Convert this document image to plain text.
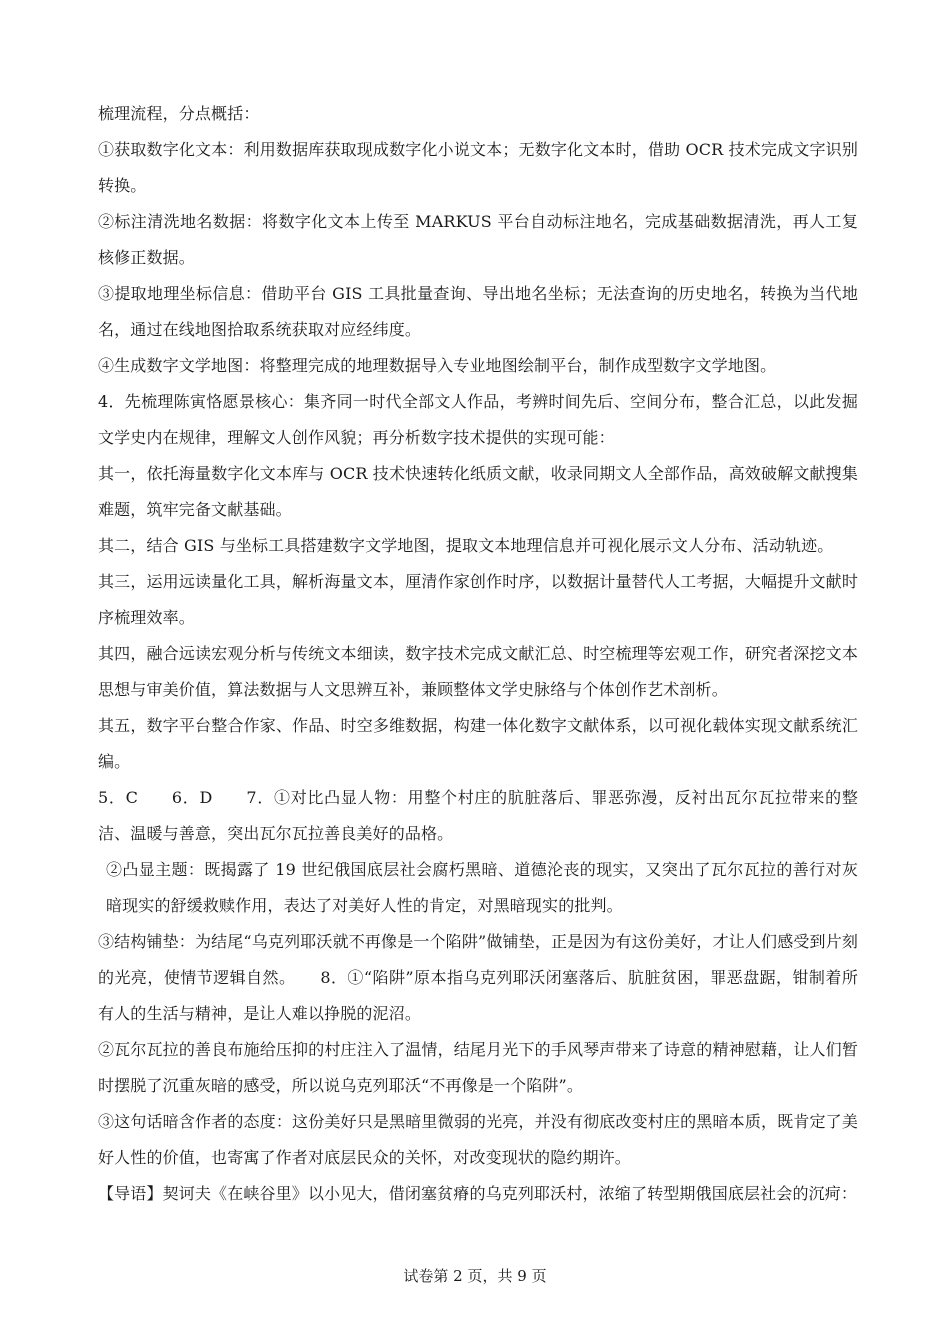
梳理流程，分点概括：

①获取数字化文本：利用数据库获取现成数字化小说文本；无数字化文本时，借助 OCR 技术完成文字识别转换。

②标注清洗地名数据：将数字化文本上传至 MARKUS 平台自动标注地名，完成基础数据清洗，再人工复核修正数据。

③提取地理坐标信息：借助平台 GIS 工具批量查询、导出地名坐标；无法查询的历史地名，转换为当代地名，通过在线地图拾取系统获取对应经纬度。

④生成数字文学地图：将整理完成的地理数据导入专业地图绘制平台，制作成型数字文学地图。

4．先梳理陈寅恪愿景核心：集齐同一时代全部文人作品，考辨时间先后、空间分布，整合汇总，以此发掘文学史内在规律，理解文人创作风貌；再分析数字技术提供的实现可能：

其一，依托海量数字化文本库与 OCR 技术快速转化纸质文献，收录同期文人全部作品，高效破解文献搜集难题，筑牢完备文献基础。

其二，结合 GIS 与坐标工具搭建数字文学地图，提取文本地理信息并可视化展示文人分布、活动轨迹。

其三，运用远读量化工具，解析海量文本，厘清作家创作时序，以数据计量替代人工考据，大幅提升文献时序梳理效率。

其四，融合远读宏观分析与传统文本细读，数字技术完成文献汇总、时空梳理等宏观工作，研究者深挖文本思想与审美价值，算法数据与人文思辨互补，兼顾整体文学史脉络与个体创作艺术剖析。

其五，数字平台整合作家、作品、时空多维数据，构建一体化数字文献体系，以可视化载体实现文献系统汇编。

5．C　　6．D　　7．①对比凸显人物：用整个村庄的肮脏落后、罪恶弥漫，反衬出瓦尔瓦拉带来的整洁、温暖与善意，突出瓦尔瓦拉善良美好的品格。

②凸显主题：既揭露了 19 世纪俄国底层社会腐朽黑暗、道德沦丧的现实，又突出了瓦尔瓦拉的善行对灰暗现实的舒缓救赎作用，表达了对美好人性的肯定，对黑暗现实的批判。

③结构铺垫：为结尾“乌克列耶沃就不再像是一个陷阱”做铺垫，正是因为有这份美好，才让人们感受到片刻的光亮，使情节逻辑自然。　　8．①“陷阱”原本指乌克列耶沃闭塞落后、肮脏贫困，罪恶盘踞，钳制着所有人的生活与精神，是让人难以挣脱的泥沼。

②瓦尔瓦拉的善良布施给压抑的村庄注入了温情，结尾月光下的手风琴声带来了诗意的精神慰藉，让人们暂时摆脱了沉重灰暗的感受，所以说乌克列耶沃“不再像是一个陷阱”。

③这句话暗含作者的态度：这份美好只是黑暗里微弱的光亮，并没有彻底改变村庄的黑暗本质，既肯定了美好人性的价值，也寄寓了作者对底层民众的关怀，对改变现状的隐约期许。

【导语】契诃夫《在峡谷里》以小见大，借闭塞贫瘠的乌克列耶沃村，浓缩了转型期俄国底层社会的沉疴：

试卷第 2 页，共 9 页
